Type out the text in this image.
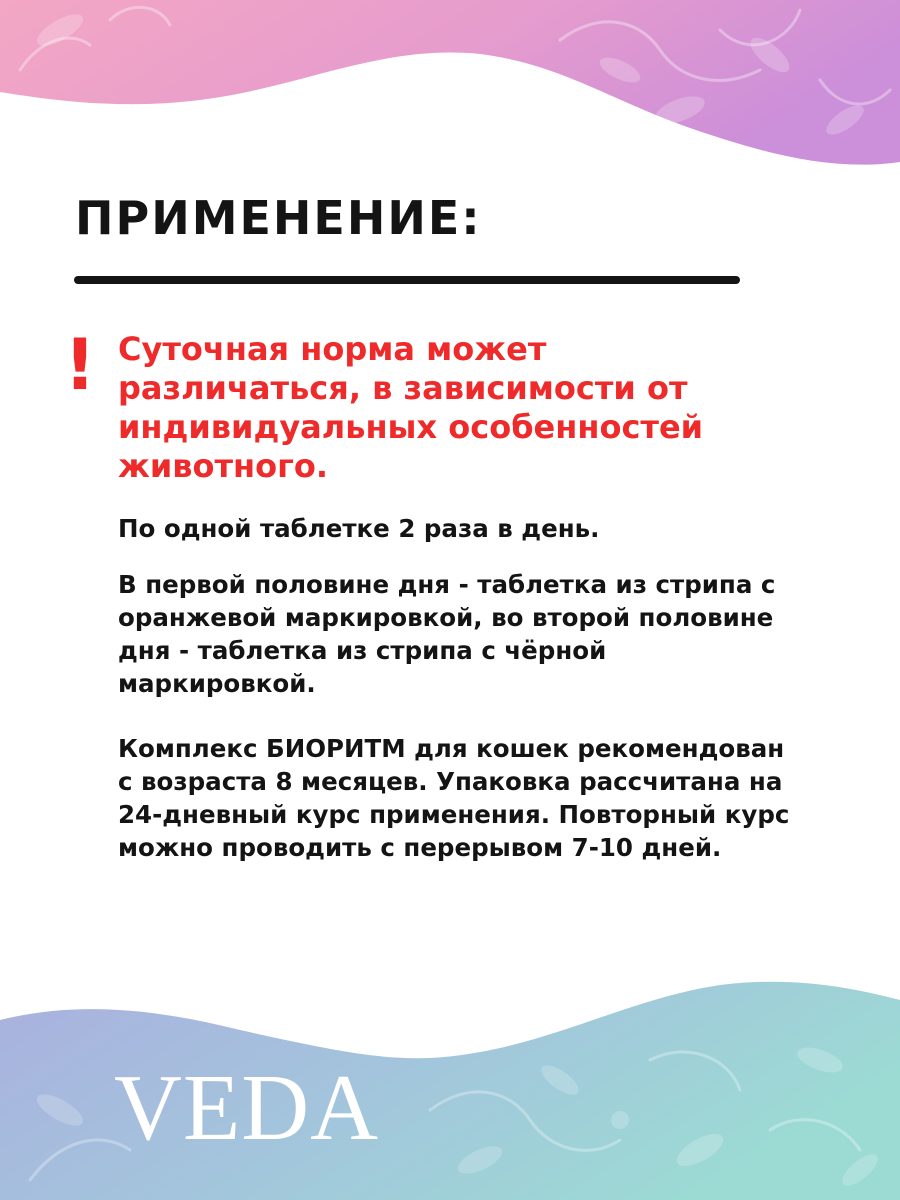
ПРИМЕНЕНИЕ:
! Суточная норма может различаться, в зависимости от индивидуальных особенностей животного.

По одной таблетке 2 раза в день.

В первой половине дня - таблетка из стрипа с оранжевой маркировкой, во второй половине дня - таблетка из стрипа с чёрной маркировкой.

Комплекс БИОРИТМ для кошек рекомендован с возраста 8 месяцев. Упаковка рассчитана на 24-дневный курс применения. Повторный курс можно проводить с перерывом 7-10 дней.

VEDA
